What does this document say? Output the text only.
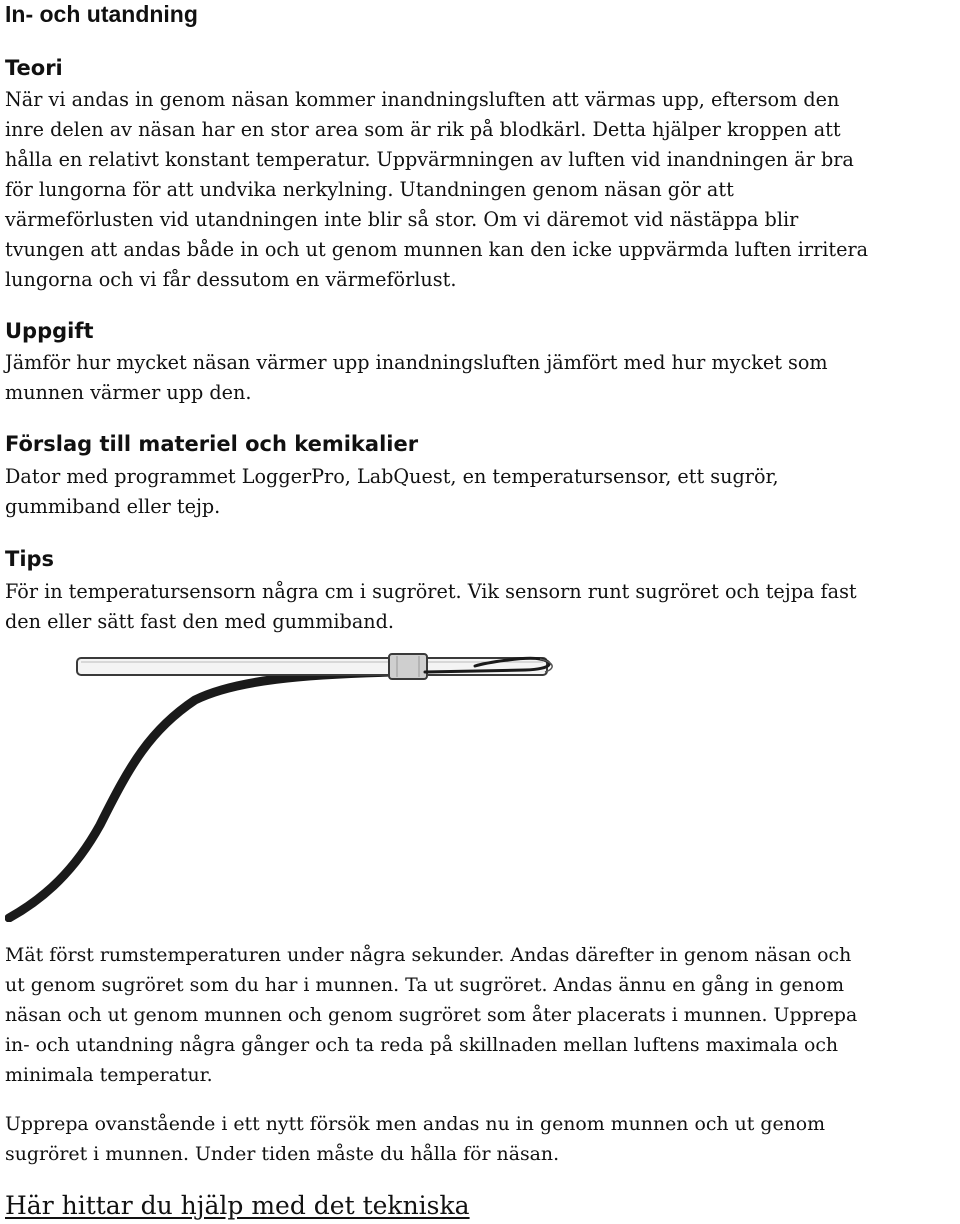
In- och utandning
Teori
När vi andas in genom näsan kommer inandningsluften att värmas upp, eftersom den
inre delen av näsan har en stor area som är rik på blodkärl. Detta hjälper kroppen att
hålla en relativt konstant temperatur. Uppvärmningen av luften vid inandningen är bra
för lungorna för att undvika nerkylning. Utandningen genom näsan gör att
värmeförlusten vid utandningen inte blir så stor. Om vi däremot vid nästäppa blir
tvungen att andas både in och ut genom munnen kan den icke uppvärmda luften irritera
lungorna och vi får dessutom en värmeförlust.
Uppgift
Jämför hur mycket näsan värmer upp inandningsluften jämfört med hur mycket som
munnen värmer upp den.
Förslag till materiel och kemikalier
Dator med programmet LoggerPro, LabQuest, en temperatursensor, ett sugrör,
gummiband eller tejp.
Tips
För in temperatursensorn några cm i sugröret. Vik sensorn runt sugröret och tejpa fast
den eller sätt fast den med gummiband.
Mät först rumstemperaturen under några sekunder. Andas därefter in genom näsan och
ut genom sugröret som du har i munnen. Ta ut sugröret. Andas ännu en gång in genom
näsan och ut genom munnen och genom sugröret som åter placerats i munnen. Upprepa
in- och utandning några gånger och ta reda på skillnaden mellan luftens maximala och
minimala temperatur.
Upprepa ovanstående i ett nytt försök men andas nu in genom munnen och ut genom
sugröret i munnen. Under tiden måste du hålla för näsan.
Här hittar du hjälp med det tekniska
